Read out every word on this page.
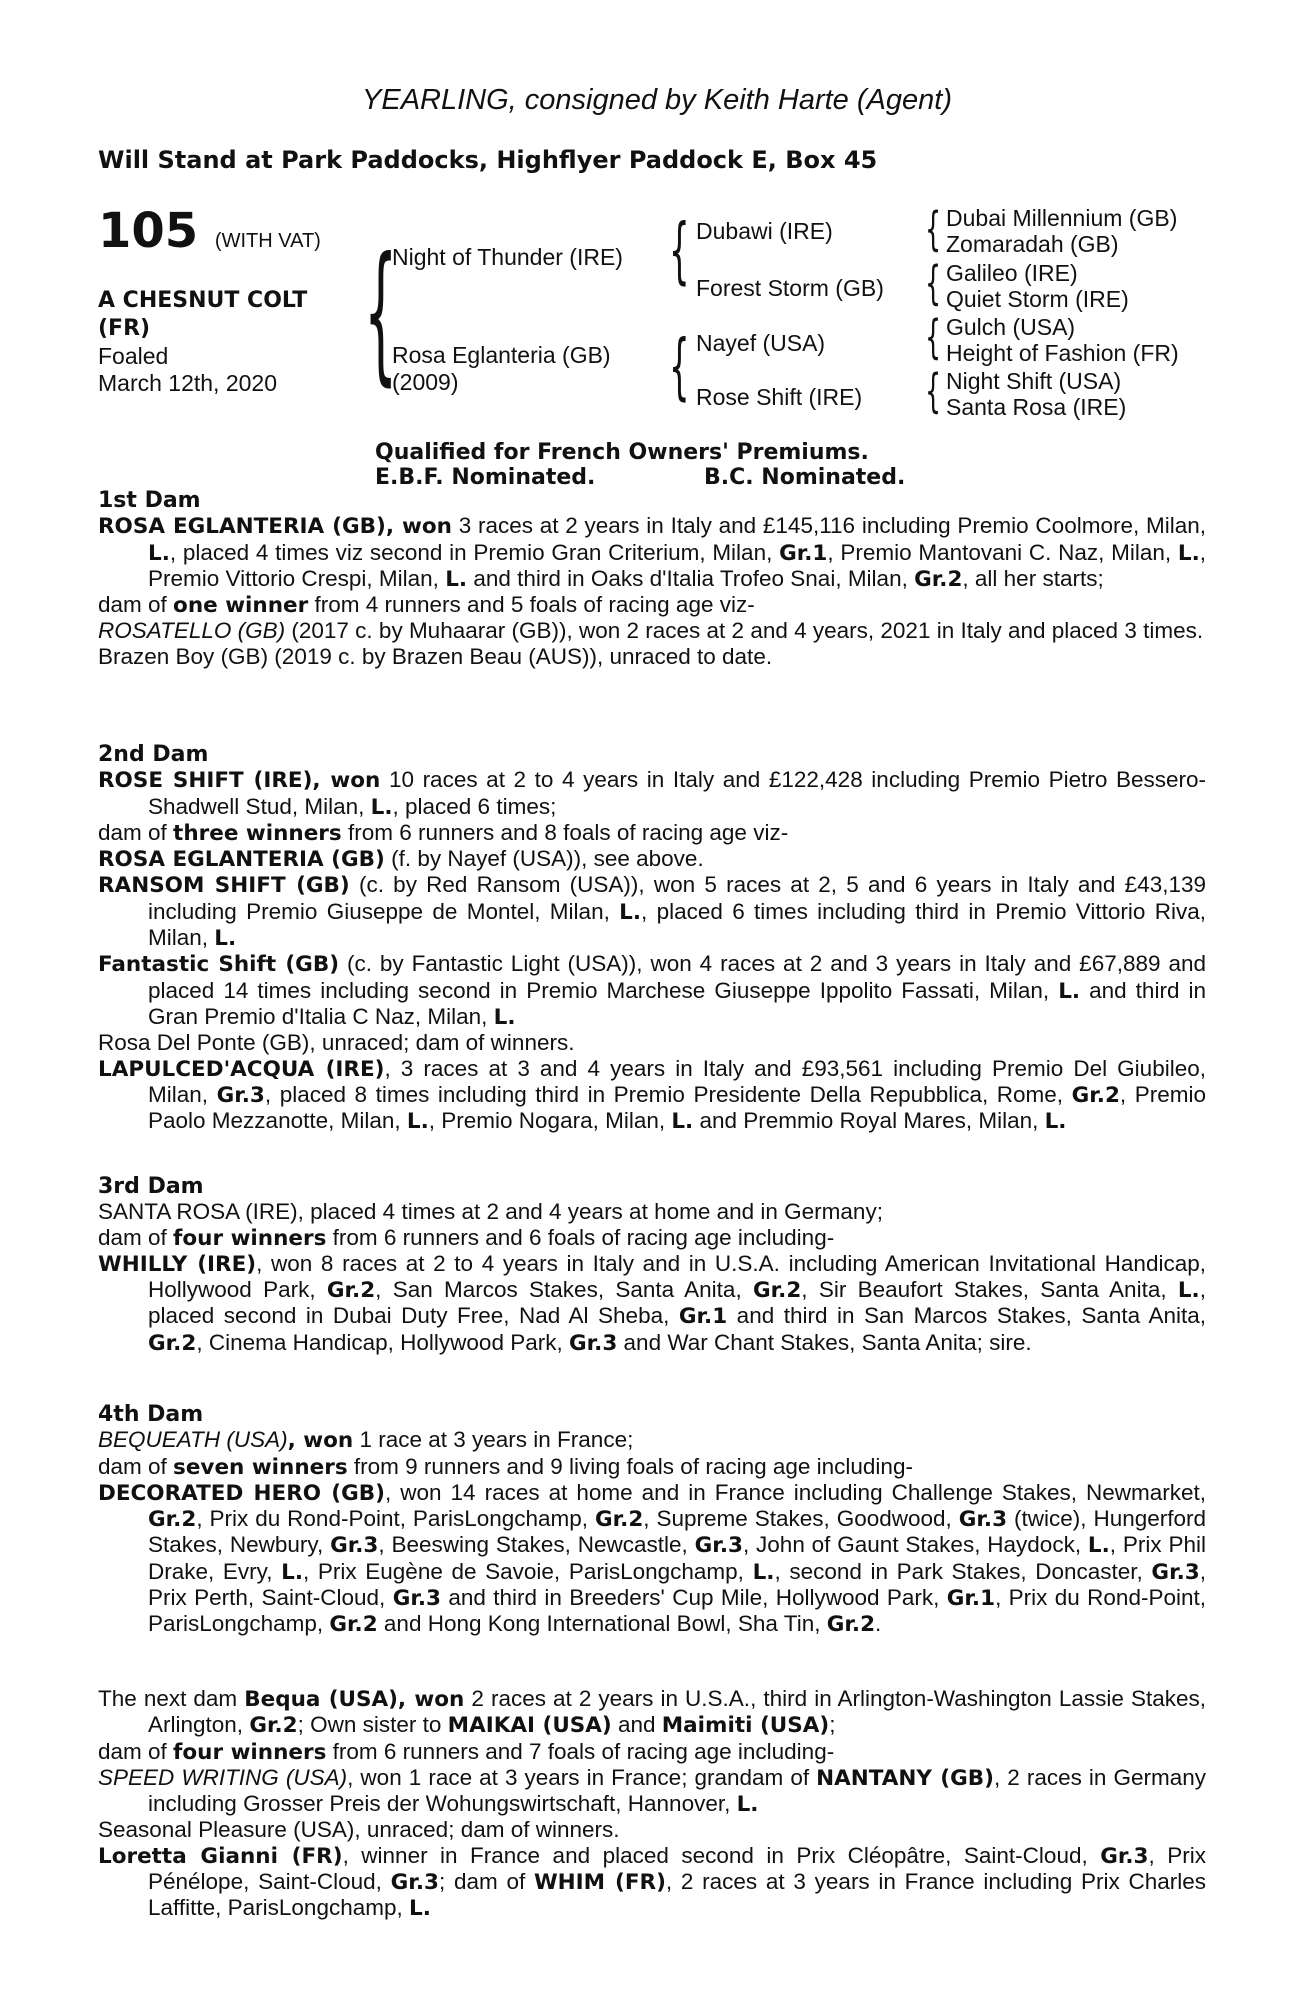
YEARLING, consigned by Keith Harte (Agent)
Will Stand at Park Paddocks, Highflyer Paddock E, Box 45
105 (WITH VAT)
A CHESNUT COLT
(FR)
Foaled
March 12th, 2020 {	{
{
{
{
{
{
Night of Thunder (IRE)
Rosa Eglanteria (GB)
(2009)
Dubawi (IRE)
Forest Storm (GB)
Nayef (USA)
Rose Shift (IRE)
Dubai Millennium (GB)
Zomaradah (GB)
Galileo (IRE)
Quiet Storm (IRE)
Gulch (USA)
Height of Fashion (FR)
Night Shift (USA)
Santa Rosa (IRE)
Qualified for French Owners' Premiums.
E.B.F. Nominated.	B.C. Nominated.

1st Dam

ROSA EGLANTERIA (GB), won 3 races at 2 years in Italy and £145,116 including Premio Coolmore, Milan, L., placed 4 times viz second in Premio Gran Criterium, Milan, Gr.1, Premio Mantovani C. Naz, Milan, L., Premio Vittorio Crespi, Milan, L. and third in Oaks d'Italia Trofeo Snai, Milan, Gr.2, all her starts;

dam of one winner from 4 runners and 5 foals of racing age viz-

ROSATELLO (GB) (2017 c. by Muhaarar (GB)), won 2 races at 2 and 4 years, 2021 in Italy and placed 3 times.

Brazen Boy (GB) (2019 c. by Brazen Beau (AUS)), unraced to date.

2nd Dam

ROSE SHIFT (IRE), won 10 races at 2 to 4 years in Italy and £122,428 including Premio Pietro Bessero-Shadwell Stud, Milan, L., placed 6 times;

dam of three winners from 6 runners and 8 foals of racing age viz-

ROSA EGLANTERIA (GB) (f. by Nayef (USA)), see above.

RANSOM SHIFT (GB) (c. by Red Ransom (USA)), won 5 races at 2, 5 and 6 years in Italy and £43,139 including Premio Giuseppe de Montel, Milan, L., placed 6 times including third in Premio Vittorio Riva, Milan, L.

Fantastic Shift (GB) (c. by Fantastic Light (USA)), won 4 races at 2 and 3 years in Italy and £67,889 and placed 14 times including second in Premio Marchese Giuseppe Ippolito Fassati, Milan, L. and third in Gran Premio d'Italia C Naz, Milan, L.

Rosa Del Ponte (GB), unraced; dam of winners.

LAPULCED'ACQUA (IRE), 3 races at 3 and 4 years in Italy and £93,561 including Premio Del Giubileo, Milan, Gr.3, placed 8 times including third in Premio Presidente Della Repubblica, Rome, Gr.2, Premio Paolo Mezzanotte, Milan, L., Premio Nogara, Milan, L. and Premmio Royal Mares, Milan, L.

3rd Dam

SANTA ROSA (IRE), placed 4 times at 2 and 4 years at home and in Germany;

dam of four winners from 6 runners and 6 foals of racing age including-

WHILLY (IRE), won 8 races at 2 to 4 years in Italy and in U.S.A. including American Invitational Handicap, Hollywood Park, Gr.2, San Marcos Stakes, Santa Anita, Gr.2, Sir Beaufort Stakes, Santa Anita, L., placed second in Dubai Duty Free, Nad Al Sheba, Gr.1 and third in San Marcos Stakes, Santa Anita, Gr.2, Cinema Handicap, Hollywood Park, Gr.3 and War Chant Stakes, Santa Anita; sire.

4th Dam

BEQUEATH (USA), won 1 race at 3 years in France;

dam of seven winners from 9 runners and 9 living foals of racing age including-

DECORATED HERO (GB), won 14 races at home and in France including Challenge Stakes, Newmarket, Gr.2, Prix du Rond-Point, ParisLongchamp, Gr.2, Supreme Stakes, Goodwood, Gr.3 (twice), Hungerford Stakes, Newbury, Gr.3, Beeswing Stakes, Newcastle, Gr.3, John of Gaunt Stakes, Haydock, L., Prix Phil Drake, Evry, L., Prix Eugène de Savoie, ParisLongchamp, L., second in Park Stakes, Doncaster, Gr.3, Prix Perth, Saint-Cloud, Gr.3 and third in Breeders' Cup Mile, Hollywood Park, Gr.1, Prix du Rond-Point, ParisLongchamp, Gr.2 and Hong Kong International Bowl, Sha Tin, Gr.2.

The next dam Bequa (USA), won 2 races at 2 years in U.S.A., third in Arlington-Washington Lassie Stakes, Arlington, Gr.2; Own sister to MAIKAI (USA) and Maimiti (USA);

dam of four winners from 6 runners and 7 foals of racing age including-

SPEED WRITING (USA), won 1 race at 3 years in France; grandam of NANTANY (GB), 2 races in Germany including Grosser Preis der Wohungswirtschaft, Hannover, L.

Seasonal Pleasure (USA), unraced; dam of winners.

Loretta Gianni (FR), winner in France and placed second in Prix Cléopâtre, Saint-Cloud, Gr.3, Prix Pénélope, Saint-Cloud, Gr.3; dam of WHIM (FR), 2 races at 3 years in France including Prix Charles Laffitte, ParisLongchamp, L.
